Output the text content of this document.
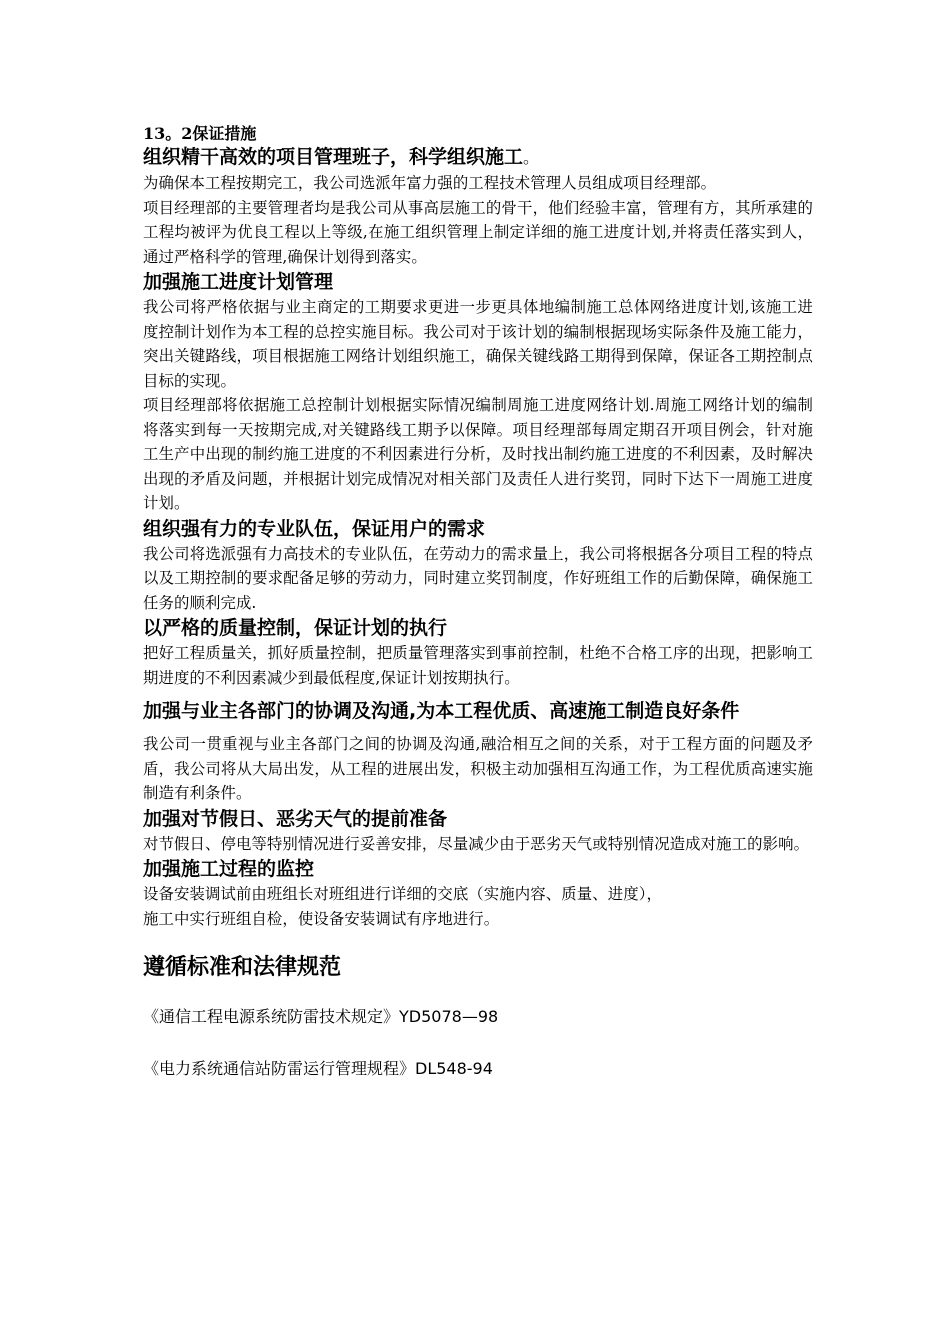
13。2保证措施

组织精干高效的项目管理班子，科学组织施工。

为确保本工程按期完工，我公司选派年富力强的工程技术管理人员组成项目经理部。

项目经理部的主要管理者均是我公司从事高层施工的骨干，他们经验丰富，管理有方，其所承建的工程均被评为优良工程以上等级,在施工组织管理上制定详细的施工进度计划,并将责任落实到人，通过严格科学的管理,确保计划得到落实。

加强施工进度计划管理

我公司将严格依据与业主商定的工期要求更进一步更具体地编制施工总体网络进度计划,该施工进度控制计划作为本工程的总控实施目标。我公司对于该计划的编制根据现场实际条件及施工能力，突出关键路线，项目根据施工网络计划组织施工，确保关键线路工期得到保障，保证各工期控制点目标的实现。

项目经理部将依据施工总控制计划根据实际情况编制周施工进度网络计划.周施工网络计划的编制将落实到每一天按期完成,对关键路线工期予以保障。项目经理部每周定期召开项目例会，针对施工生产中出现的制约施工进度的不利因素进行分析，及时找出制约施工进度的不利因素，及时解决出现的矛盾及问题，并根据计划完成情况对相关部门及责任人进行奖罚，同时下达下一周施工进度计划。

组织强有力的专业队伍，保证用户的需求

我公司将选派强有力高技术的专业队伍，在劳动力的需求量上，我公司将根据各分项目工程的特点以及工期控制的要求配备足够的劳动力，同时建立奖罚制度，作好班组工作的后勤保障，确保施工任务的顺利完成.

以严格的质量控制，保证计划的执行

把好工程质量关，抓好质量控制，把质量管理落实到事前控制，杜绝不合格工序的出现，把影响工期进度的不利因素减少到最低程度,保证计划按期执行。

加强与业主各部门的协调及沟通,为本工程优质、高速施工制造良好条件

我公司一贯重视与业主各部门之间的协调及沟通,融洽相互之间的关系，对于工程方面的问题及矛盾，我公司将从大局出发，从工程的进展出发，积极主动加强相互沟通工作，为工程优质高速实施制造有利条件。

加强对节假日、恶劣天气的提前准备

对节假日、停电等特别情况进行妥善安排，尽量减少由于恶劣天气或特别情况造成对施工的影响。

加强施工过程的监控

设备安装调试前由班组长对班组进行详细的交底（实施内容、质量、进度），

施工中实行班组自检，使设备安装调试有序地进行。

遵循标准和法律规范

《通信工程电源系统防雷技术规定》YD5078—98

《电力系统通信站防雷运行管理规程》DL548-94
